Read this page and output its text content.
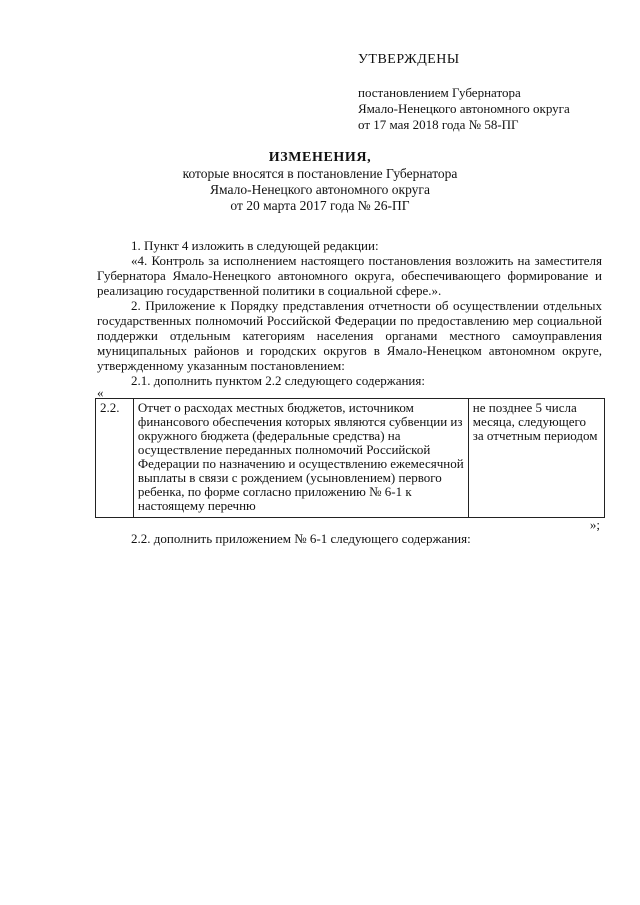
УТВЕРЖДЕНЫ
постановлением Губернатора
Ямало-Ненецкого автономного округа
от 17 мая 2018 года № 58-ПГ
ИЗМЕНЕНИЯ,
которые вносятся в постановление Губернатора
Ямало-Ненецкого автономного округа
от 20 марта 2017 года № 26-ПГ

1. Пункт 4 изложить в следующей редакции:

«4. Контроль за исполнением настоящего постановления возложить на заместителя Губернатора Ямало-Ненецкого автономного округа, обеспечивающего формирование и реализацию государственной политики в социальной сфере.».

2. Приложение к Порядку представления отчетности об осуществлении отдельных государственных полномочий Российской Федерации по предоставлению мер социальной поддержки отдельным категориям населения органами местного самоуправления муниципальных районов и городских округов в Ямало-Ненецком автономном округе, утвержденному указанным постановлением:

2.1. дополнить пунктом 2.2 следующего содержания:

«

2.2.	Отчет о расходах местных бюджетов, источником финансового обеспечения которых являются субвенции из окружного бюджета (федеральные средства) на осуществление переданных полномочий Российской Федерации по назначению и осуществлению ежемесячной выплаты в связи с рождением (усыновлением) первого ребенка, по форме согласно приложению № 6-1 к настоящему перечню	не позднее 5 числа месяца, следующего за отчетным периодом

»;

2.2. дополнить приложением № 6-1 следующего содержания:
